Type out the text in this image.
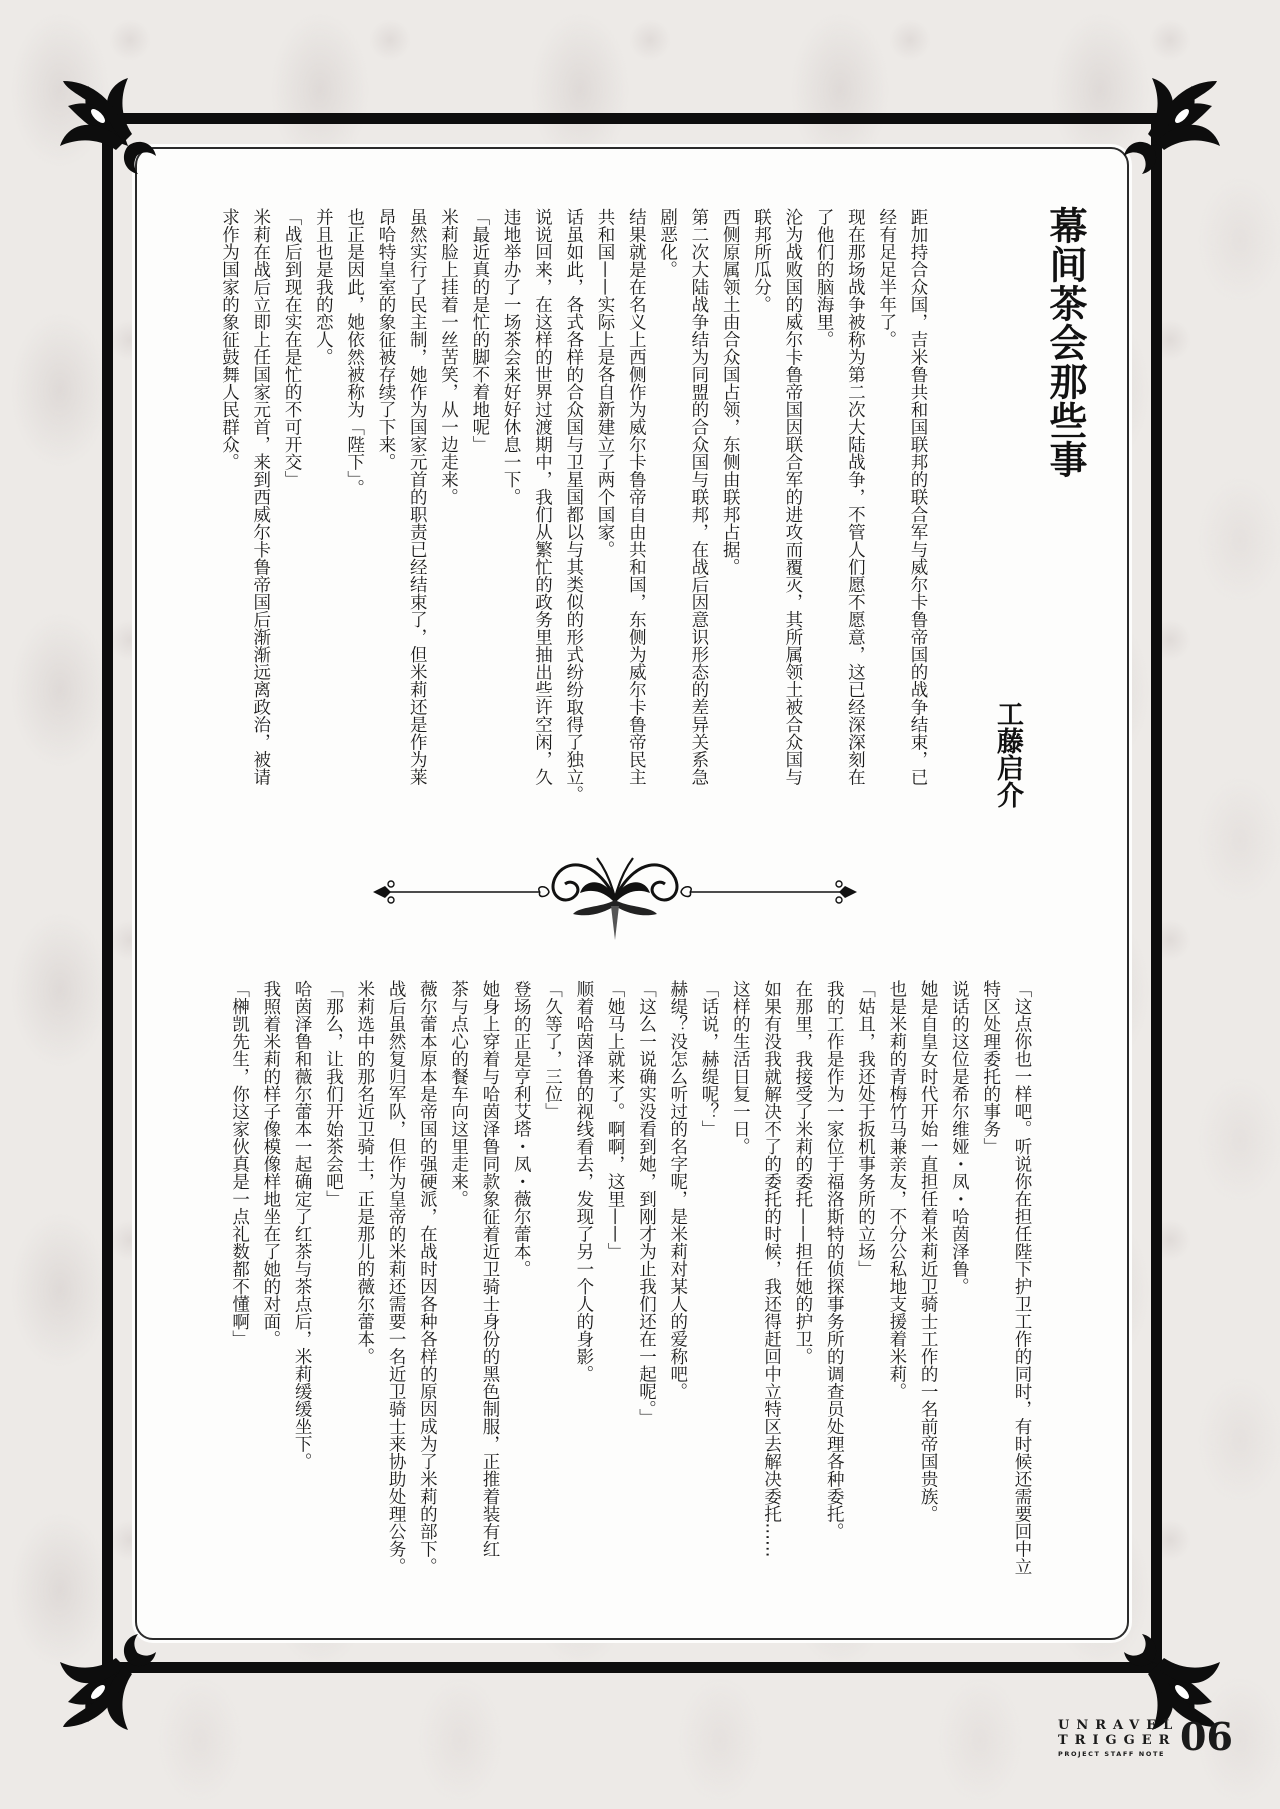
幕间茶会那些事
工藤启介
距加持合众国，吉米鲁共和国联邦的联合军与威尔卡鲁帝国的战争结束，已
经有足足半年了。
现在那场战争被称为第二次大陆战争，不管人们愿不愿意，这已经深深刻在
了他们的脑海里。
沦为战败国的威尔卡鲁帝国因联合军的进攻而覆灭，其所属领土被合众国与
联邦所瓜分。
西侧原属领土由合众国占领，东侧由联邦占据。
第二次大陆战争结为同盟的合众国与联邦，在战后因意识形态的差异关系急
剧恶化。
结果就是在名义上西侧作为威尔卡鲁帝自由共和国，东侧为威尔卡鲁帝民主
共和国——实际上是各自新建立了两个国家。
话虽如此，各式各样的合众国与卫星国都以与其类似的形式纷纷取得了独立。
说说回来，在这样的世界过渡期中，我们从繁忙的政务里抽出些许空闲，久
违地举办了一场茶会来好好休息一下。
「最近真的是忙的脚不着地呢」
米莉脸上挂着一丝苦笑，从一边走来。
虽然实行了民主制，她作为国家元首的职责已经结束了，但米莉还是作为莱
昂哈特皇室的象征被存续了下来。
也正是因此，她依然被称为「陛下」。
并且也是我的恋人。
「战后到现在实在是忙的不可开交」
米莉在战后立即上任国家元首，来到西威尔卡鲁帝国后渐渐远离政治，被请
求作为国家的象征鼓舞人民群众。
「这点你也一样吧。听说你在担任陛下护卫工作的同时，有时候还需要回中立
特区处理委托的事务」
说话的这位是希尔维娅・凤・哈茵泽鲁。
她是自皇女时代开始一直担任着米莉近卫骑士工作的一名前帝国贵族。
也是米莉的青梅竹马兼亲友，不分公私地支援着米莉。
「姑且，我还处于扳机事务所的立场」
我的工作是作为一家位于福洛斯特的侦探事务所的调查员处理各种委托。
在那里，我接受了米莉的委托——担任她的护卫。
如果有没我就解决不了的委托的时候，我还得赶回中立特区去解决委托……
这样的生活日复一日。
「话说，赫缇呢？」
赫缇？没怎么听过的名字呢，是米莉对某人的爱称吧。
「这么一说确实没看到她，到刚才为止我们还在一起呢。」
「她马上就来了。啊啊，这里——」
顺着哈茵泽鲁的视线看去，发现了另一个人的身影。
「久等了，三位」
登场的正是亨利艾塔・凤・薇尔蕾本。
她身上穿着与哈茵泽鲁同款象征着近卫骑士身份的黑色制服，正推着装有红
茶与点心的餐车向这里走来。
薇尔蕾本原本是帝国的强硬派，在战时因各种各样的原因成为了米莉的部下。
战后虽然复归军队，但作为皇帝的米莉还需要一名近卫骑士来协助处理公务。
米莉选中的那名近卫骑士，正是那儿的薇尔蕾本。
「那么，让我们开始茶会吧」
哈茵泽鲁和薇尔蕾本一起确定了红茶与茶点后，米莉缓缓坐下。
我照着米莉的样子像模像样地坐在了她的对面。
「榊凯先生，你这家伙真是一点礼数都不懂啊」
UNRAVEL
TRIGGER
PROJECT STAFF NOTE 06
